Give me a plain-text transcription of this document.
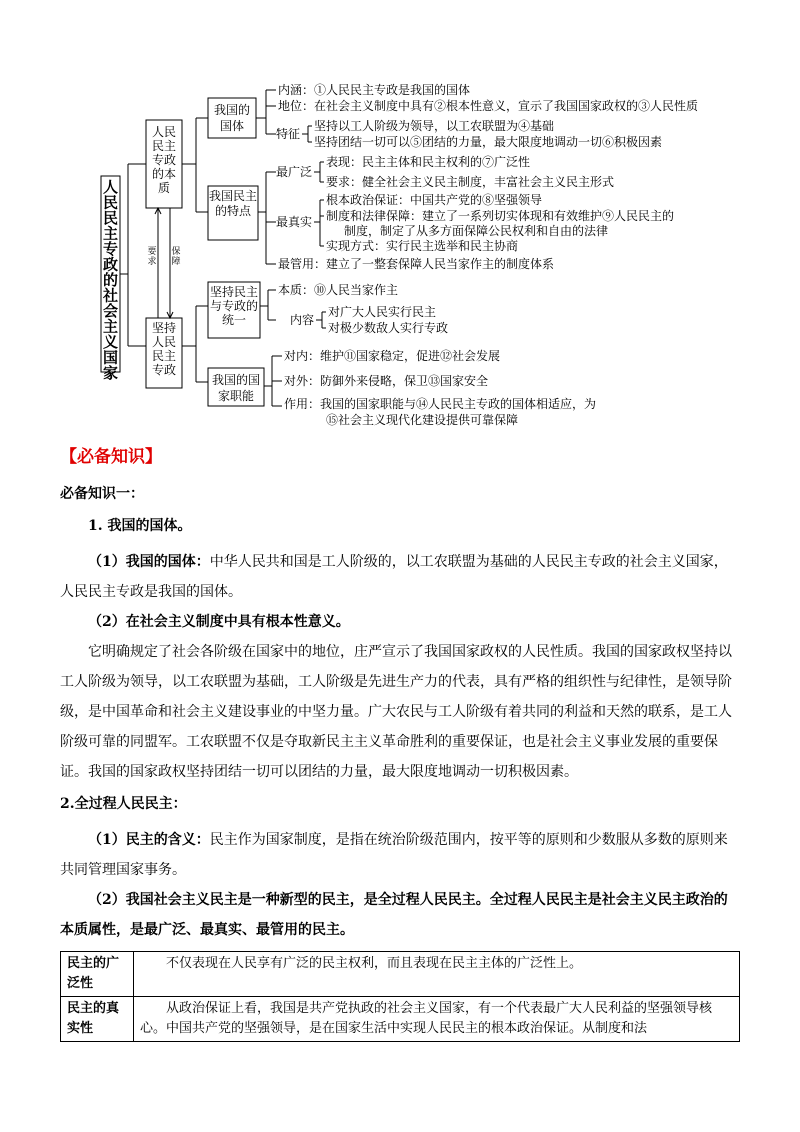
人民民主专政的社会主义国家
人民民主专政的本质
坚持人民民主专政
要求
保障
我国的国体
特征
内涵：①人民民主专政是我国的国体
地位：在社会主义制度中具有②根本性意义，宣示了我国国家政权的③人民性质
坚持以工人阶级为领导，以工农联盟为④基础
坚持团结一切可以⑤团结的力量，最大限度地调动一切⑥积极因素
我国民主的特点
最广泛
最真实
表现：民主主体和民主权利的⑦广泛性
要求：健全社会主义民主制度，丰富社会主义民主形式
根本政治保证：中国共产党的⑧坚强领导
制度和法律保障：建立了一系列切实体现和有效维护⑨人民民主的
制度，制定了从多方面保障公民权利和自由的法律
实现方式：实行民主选举和民主协商
最管用：建立了一整套保障人民当家作主的制度体系
坚持民主与专政的统一	内容
本质：⑩人民当家作主
对广大人民实行民主
对极少数敌人实行专政
我国的国家职能
对内：维护⑪国家稳定，促进⑫社会发展
对外：防御外来侵略，保卫⑬国家安全
作用：我国的国家职能与⑭人民民主专政的国体相适应，为
⑮社会主义现代化建设提供可靠保障
【必备知识】
必备知识一：
1. 我国的国体。

（1）我国的国体：中华人民共和国是工人阶级的，以工农联盟为基础的人民民主专政的社会主义国家，人民民主专政是我国的国体。

（2）在社会主义制度中具有根本性意义。

它明确规定了社会各阶级在国家中的地位，庄严宣示了我国国家政权的人民性质。我国的国家政权坚持以工人阶级为领导，以工农联盟为基础，工人阶级是先进生产力的代表，具有严格的组织性与纪律性，是领导阶级，是中国革命和社会主义建设事业的中坚力量。广大农民与工人阶级有着共同的利益和天然的联系，是工人阶级可靠的同盟军。工农联盟不仅是夺取新民主主义革命胜利的重要保证，也是社会主义事业发展的重要保证。我国的国家政权坚持团结一切可以团结的力量，最大限度地调动一切积极因素。

2.全过程人民民主：

（1）民主的含义：民主作为国家制度，是指在统治阶级范围内，按平等的原则和少数服从多数的原则来共同管理国家事务。

（2）我国社会主义民主是一种新型的民主，是全过程人民民主。全过程人民民主是社会主义民主政治的本质属性，是最广泛、最真实、最管用的民主。

民主的广泛性	不仅表现在人民享有广泛的民主权利，而且表现在民主主体的广泛性上。
民主的真实性	从政治保证上看，我国是共产党执政的社会主义国家，有一个代表最广大人民利益的坚强领导核心。中国共产党的坚强领导，是在国家生活中实现人民民主的根本政治保证。从制度和法
